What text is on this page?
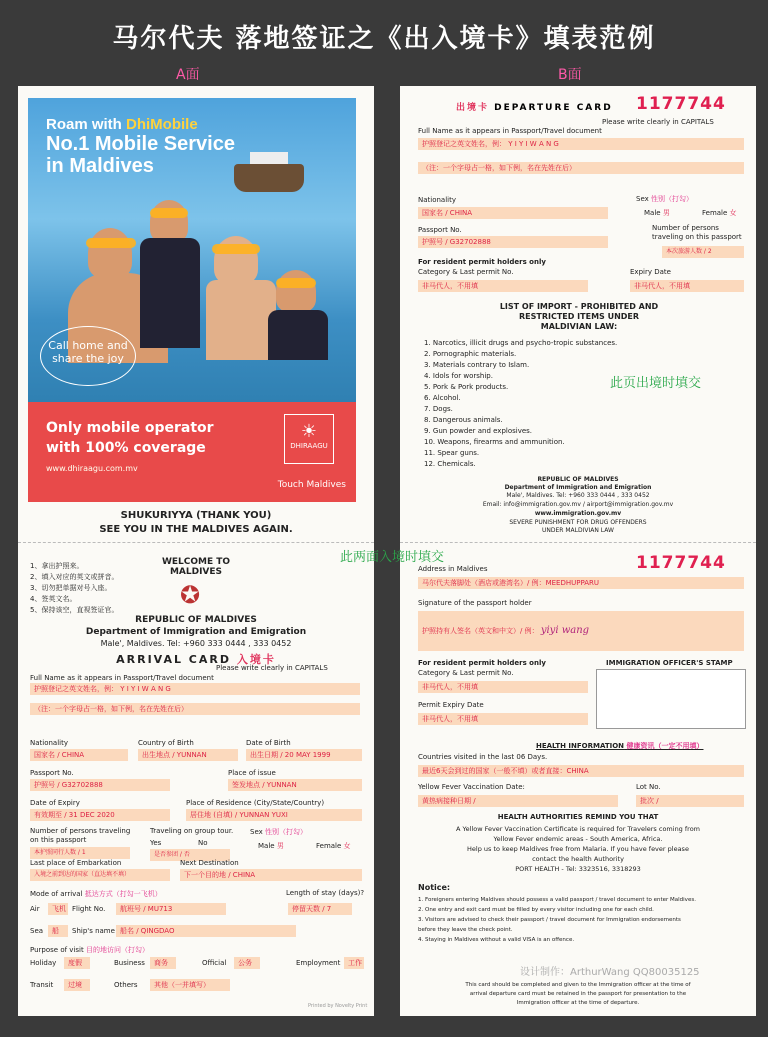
马尔代夫 落地签证之《出入境卡》填表范例
A面	B面
Roam with DhiMobile
No.1 Mobile Service
in Maldives
Call home and share the joy
Only mobile operator
with 100% coverage
www.dhiraagu.com.mv
☀
DHIRAAGU
Touch Maldives
SHUKURIYYA (THANK YOU)
SEE YOU IN THE MALDIVES AGAIN.
1、拿出护照来。
2、填入对应的英文或拼音。
3、切勿把单据对号入座。
4、签英文名。
5、保持该空，直视签证官。
WELCOME TO
MALDIVES
✪
REPUBLIC OF MALDIVES
Department of Immigration and Emigration
Male', Maldives. Tel: +960 333 0444 , 333 0452
ARRIVAL CARD 入境卡
Please write clearly in CAPITALS
Full Name as it appears in Passport/Travel document
护照登记之英文姓名，例： Y I Y I W A N G
（注：一个字母占一格，如下例，名在先姓在后）
Nationality	Country of Birth	Date of Birth
国家名 / CHINA	出生地点 / YUNNAN	出生日期 / 20 MAY 1999
Passport No.	Place of issue
护照号 / G32702888	签发地点 / YUNNAN
Date of Expiry	Place of Residence (City/State/Country)
有效期至 / 31 DEC 2020	居住地 (自填) / YUNNAN YUXI
Number of persons traveling on this passport
本护照同行人数 / 1
Traveling on group tour.
Yes	No
是否参团 / 否
Sex 性别（打勾）
Male 男	Female 女
Last place of Embarkation	Next Destination
入境之前到达的国家（直达填不填）	下一个目的地 / CHINA
Mode of arrival 抵达方式（打勾一飞机）	Length of stay (days)?
Air	飞机 Flight No.	航班号 / MU713	停留天数 / 7
Sea	船	Ship's name 船名 / QINGDAO
Purpose of visit 目的地访问（打勾）
Holiday	度假	Business	商务	Official	公务	Employment	工作
Transit	过境	Others	其他（一并填写）
Printed by Novelty Print
出境卡 DEPARTURE CARD 1177744
Please write clearly in CAPITALS
Full Name as it appears in Passport/Travel document
护照登记之英文姓名，例： Y I Y I W A N G
（注：一个字母占一格，如下例，名在先姓在后）
Nationality	Sex 性别（打勾）
国家名 / CHINA	Male 男	Female 女
Passport No.	Number of persons traveling on this passport
护照号 / G32702888
本次旅游人数 / 2
For resident permit holders only
Category & Last permit No.	Expiry Date
非马代人，不用填	非马代人，不用填
LIST OF IMPORT - PROHIBITED AND
RESTRICTED ITEMS UNDER
MALDIVIAN LAW:
1. Narcotics, illicit drugs and psycho-tropic substances.
2. Pornographic materials.
3. Materials contrary to Islam.
4. Idols for worship.
5. Pork & Pork products.
6. Alcohol.
7. Dogs.
8. Dangerous animals.
9. Gun powder and explosives.
10. Weapons, firearms and ammunition.
11. Spear guns.
12. Chemicals.
此页出境时填交
REPUBLIC OF MALDIVES
Department of Immigration and Emigration
Male', Maldives. Tel: +960 333 0444 , 333 0452
Email: info@immigration.gov.mv / airport@immigration.gov.mv
www.immigration.gov.mv
SEVERE PUNISHMENT FOR DRUG OFFENDERS
UNDER MALDIVIAN LAW
1177744
Address in Maldives
马尔代夫落脚处（酒店或港湾名）/ 例：MEEDHUPPARU
Signature of the passport holder
护照持有人签名（英文和中文）/ 例： yiyi wang
For resident permit holders only
Category & Last permit No.
非马代人，不用填
Permit Expiry Date
非马代人，不用填
IMMIGRATION OFFICER'S STAMP
HEALTH INFORMATION 健康资讯（一定不用填）
Countries visited in the last 06 Days.
最近6天会到过的国家（一般不填）或者直接：CHINA
Yellow Fever Vaccination Date:	Lot No.
黄热病接种日期 /	批次 /
HEALTH AUTHORITIES REMIND YOU THAT
A Yellow Fever Vaccination Certificate is required for Travelers coming from
Yellow Fever endemic areas - South America, Africa.
Help us to keep Maldives free from Malaria. If you have fever please
contact the health Authority
PORT HEALTH - Tel: 3323516, 3318293
Notice:
1. Foreigners entering Maldives should possess a valid passport / travel document to enter Maldives.
2. One entry and exit card must be filled by every visitor including one for each child.
3. Visitors are advised to check their passport / travel document for Immigration endorsements
before they leave the check point.
4. Staying in Maldives without a valid VISA is an offence.
设计制作：ArthurWang QQ80035125
This card should be completed and given to the Immigration officer at the time of
arrival departure card must be retained in the passport for presentation to the
Immigration officer at the time of departure.
此两面入境时填交
